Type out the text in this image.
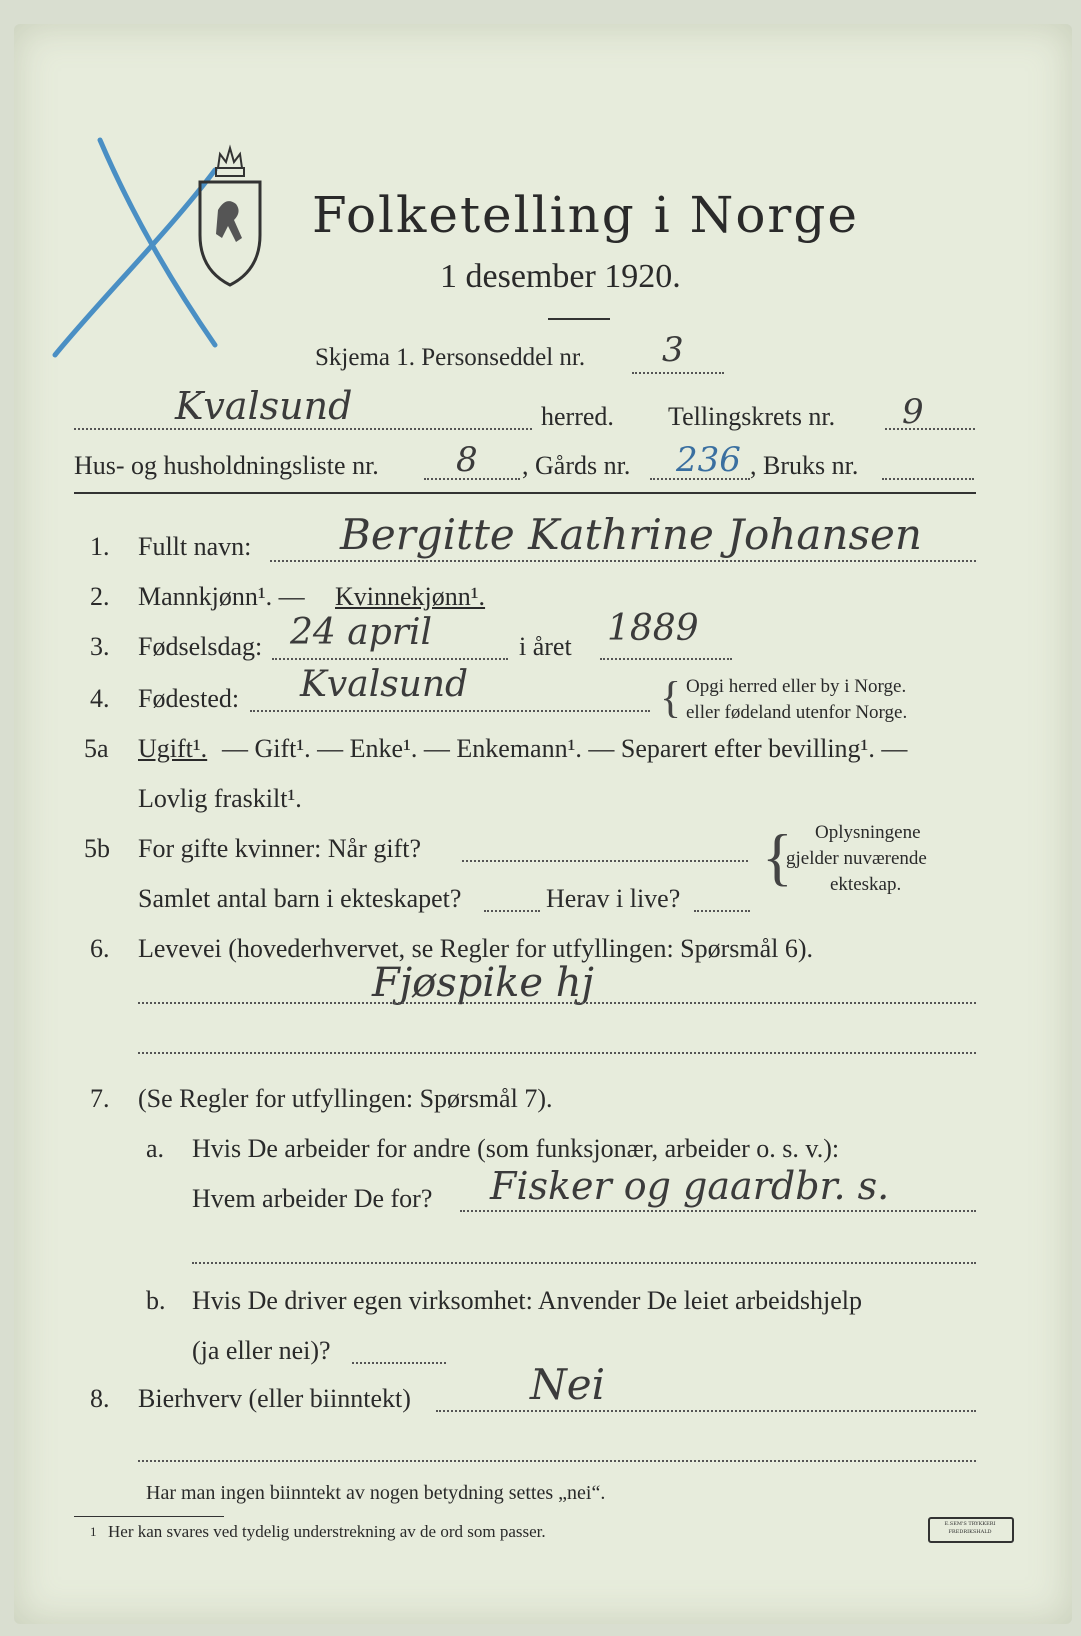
Folketelling i Norge
1 desember 1920.
Skjema 1. Personseddel nr. 3
Kvalsund	herred. Tellingskrets nr. 9
Hus- og husholdningsliste nr. 8 , Gårds nr. 236 , Bruks nr.
1. Fullt navn: Bergitte Kathrine Johansen
2. Mannkjønn¹. — Kvinnekjønn¹.
3. Fødselsdag: 24 april	i året 1889
4. Fødested: Kvalsund	{ Opgi herred eller by i Norge.
eller fødeland utenfor Norge.
5a Ugift¹. — Gift¹. — Enke¹. — Enkemann¹. — Separert efter bevilling¹. —
Lovlig fraskilt¹.
5b For gifte kvinner: Når gift?
Samlet antal barn i ekteskapet?	Herav i live?
{ Oplysningene
gjelder nuværende
ekteskap.
6. Levevei (hovederhvervet, se Regler for utfyllingen: Spørsmål 6).
Fjøspike hj
7. (Se Regler for utfyllingen: Spørsmål 7).
a. Hvis De arbeider for andre (som funksjonær, arbeider o. s. v.):
Hvem arbeider De for? Fisker og gaardbr. s.
b. Hvis De driver egen virksomhet: Anvender De leiet arbeidshjelp
(ja eller nei)?
8. Bierhverv (eller biinntekt)	Nei
Har man ingen biinntekt av nogen betydning settes „nei“.
1 Her kan svares ved tydelig understrekning av de ord som passer.	E.SEM'S TRYKKERI FREDRIKSHALD
